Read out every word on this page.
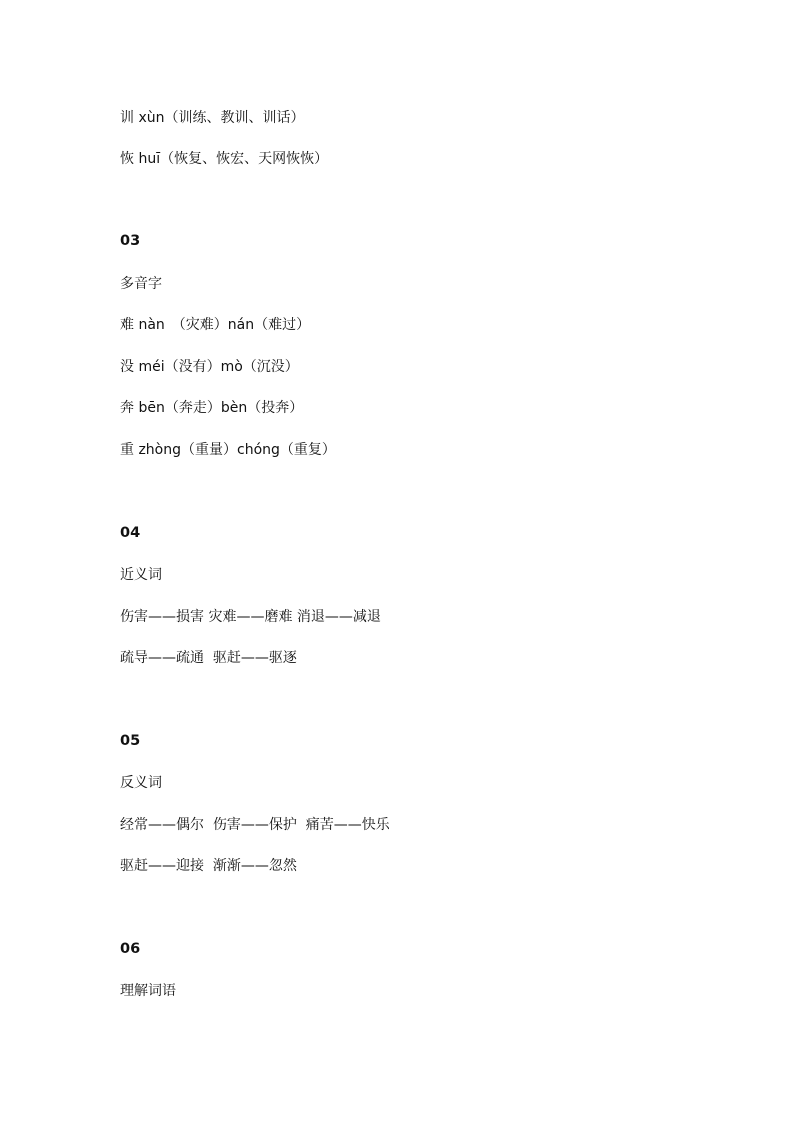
训 xùn（训练、教训、训话）
恢 huī（恢复、恢宏、天网恢恢）
03
多音字
难 nàn　（灾难）nán（难过）
没 méi（没有）mò（沉没）
奔 bēn（奔走）bèn（投奔）
重 zhòng（重量）chóng（重复）
04
近义词
伤害——损害 灾难——磨难 消退——减退
疏导——疏通  驱赶——驱逐
05
反义词
经常——偶尔  伤害——保护  痛苦——快乐
驱赶——迎接  渐渐——忽然
06
理解词语
